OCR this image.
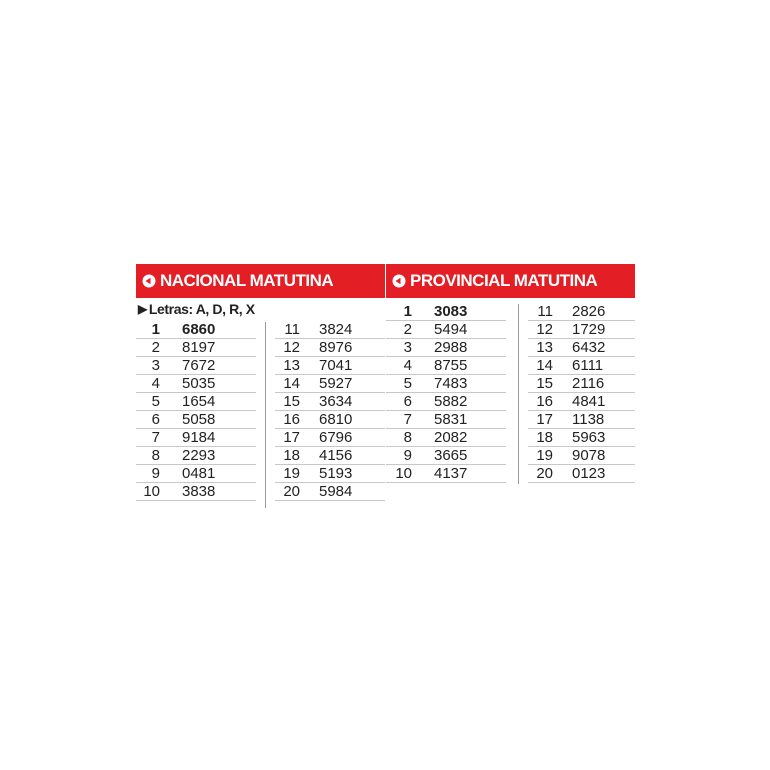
NACIONAL MATUTINA
▶ Letras: A, D, R, X
1 6860
2 8197
3 7672
4 5035
5 1654
6 5058
7 9184
8 2293
9 0481
10 3838
11 3824
12 8976
13 7041
14 5927
15 3634
16 6810
17 6796
18 4156
19 5193
20 5984
PROVINCIAL MATUTINA
1 3083
2 5494
3 2988
4 8755
5 7483
6 5882
7 5831
8 2082
9 3665
10 4137
11 2826
12 1729
13 6432
14 6111
15 2116
16 4841
17 1138
18 5963
19 9078
20 0123
